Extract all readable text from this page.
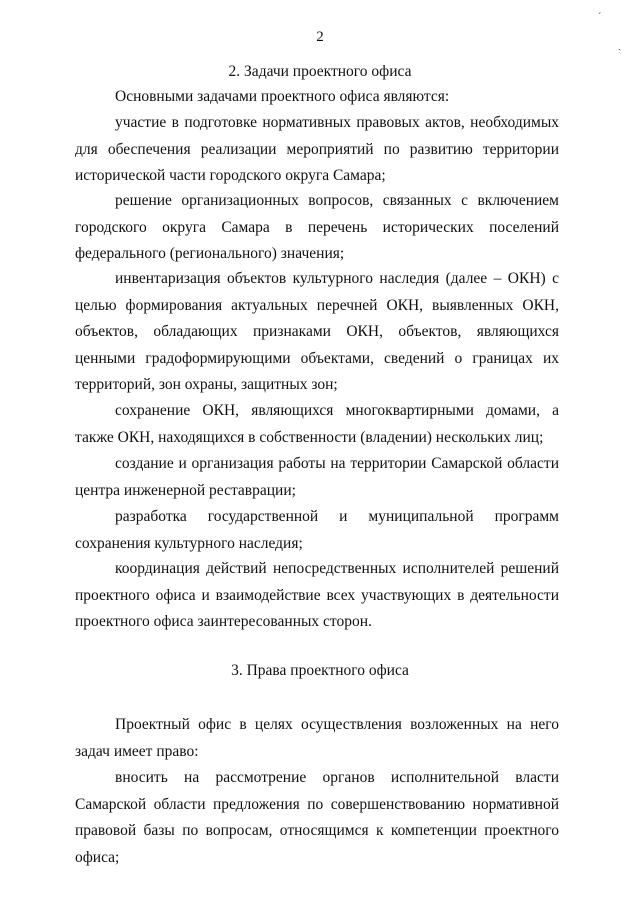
2
ˊ
ˎ
2. Задачи проектного офиса

Основными задачами проектного офиса являются:

участие в подготовке нормативных правовых актов, необходимых для обеспечения реализации мероприятий по развитию территории исторической части городского округа Самара;

решение организационных вопросов, связанных с включением городского округа Самара в перечень исторических поселений федерального (регионального) значения;

инвентаризация объектов культурного наследия (далее – ОКН) с целью формирования актуальных перечней ОКН, выявленных ОКН, объектов, обладающих признаками ОКН, объектов, являющихся ценными градоформирующими объектами, сведений о границах их территорий, зон охраны, защитных зон;

сохранение ОКН, являющихся многоквартирными домами, а также ОКН, находящихся в собственности (владении) нескольких лиц;

создание и организация работы на территории Самарской области центра инженерной реставрации;

разработка государственной и муниципальной программ сохранения культурного наследия;

координация действий непосредственных исполнителей решений проектного офиса и взаимодействие всех участвующих в деятельности проектного офиса заинтересованных сторон.

3. Права проектного офиса

Проектный офис в целях осуществления возложенных на него задач имеет право:

вносить на рассмотрение органов исполнительной власти Самарской области предложения по совершенствованию нормативной правовой базы по вопросам, относящимся к компетенции проектного офиса;
